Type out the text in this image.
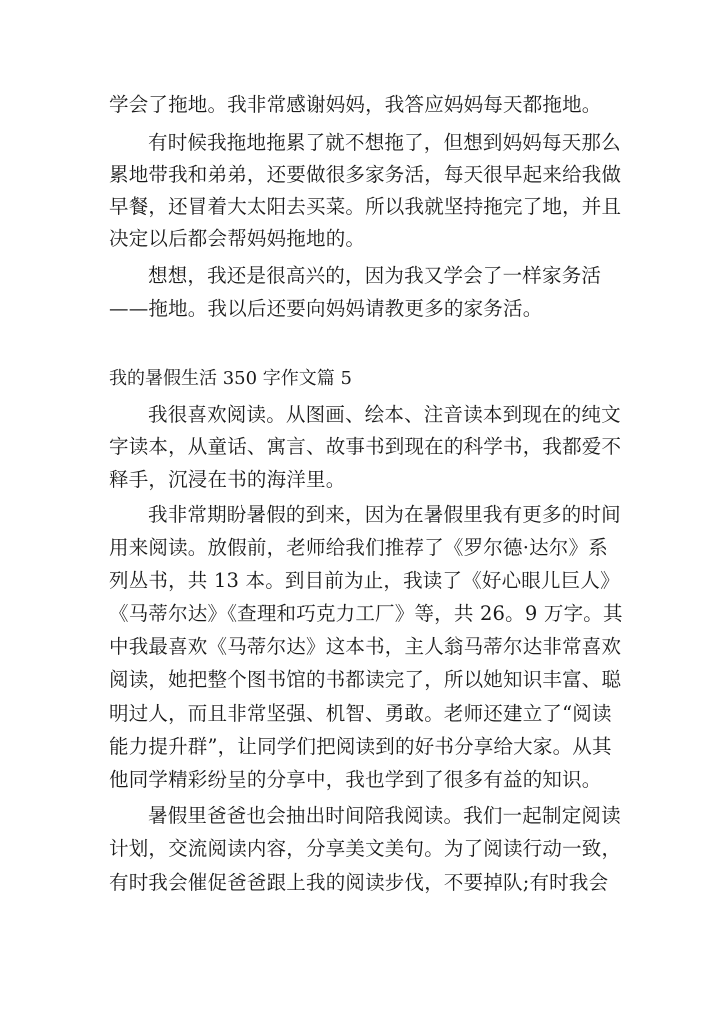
学会了拖地。我非常感谢妈妈，我答应妈妈每天都拖地。
有时候我拖地拖累了就不想拖了，但想到妈妈每天那么
累地带我和弟弟，还要做很多家务活，每天很早起来给我做
早餐，还冒着大太阳去买菜。所以我就坚持拖完了地，并且
决定以后都会帮妈妈拖地的。
想想，我还是很高兴的，因为我又学会了一样家务活
——拖地。我以后还要向妈妈请教更多的家务活。
我的暑假生活 350 字作文篇 5
我很喜欢阅读。从图画、绘本、注音读本到现在的纯文
字读本，从童话、寓言、故事书到现在的科学书，我都爱不
释手，沉浸在书的海洋里。
我非常期盼暑假的到来，因为在暑假里我有更多的时间
用来阅读。放假前，老师给我们推荐了《罗尔德·达尔》系
列丛书，共 13 本。到目前为止，我读了《好心眼儿巨人》
《马蒂尔达》《查理和巧克力工厂》等，共 26。9 万字。其
中我最喜欢《马蒂尔达》这本书，主人翁马蒂尔达非常喜欢
阅读，她把整个图书馆的书都读完了，所以她知识丰富、聪
明过人，而且非常坚强、机智、勇敢。老师还建立了“阅读
能力提升群”，让同学们把阅读到的好书分享给大家。从其
他同学精彩纷呈的分享中，我也学到了很多有益的知识。
暑假里爸爸也会抽出时间陪我阅读。我们一起制定阅读
计划，交流阅读内容，分享美文美句。为了阅读行动一致，
有时我会催促爸爸跟上我的阅读步伐，不要掉队;有时我会
